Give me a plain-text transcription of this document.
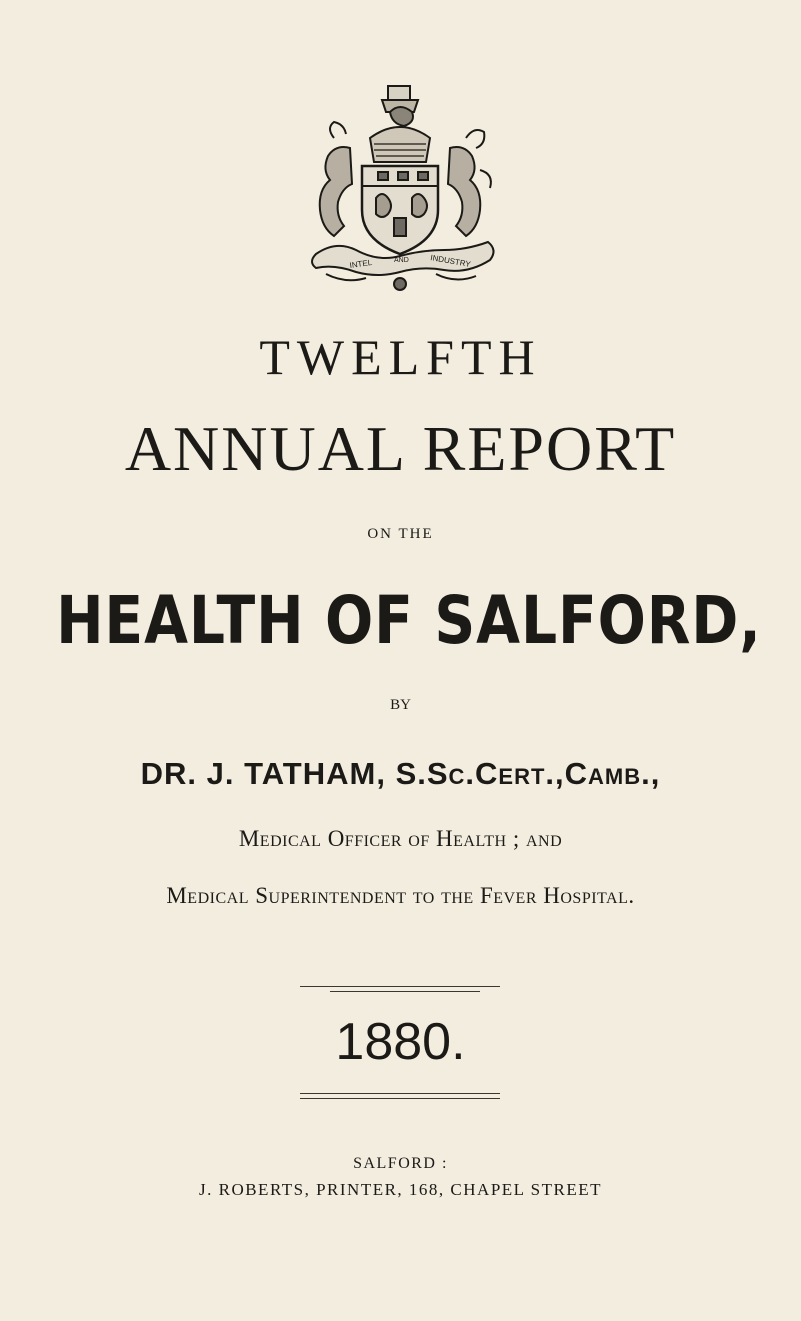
INTEL	AND	INDUSTRY
TWELFTH
ANNUAL REPORT
ON THE
HEALTH OF SALFORD,
BY
DR. J. TATHAM, S.Sc.Cert.,Camb.,
Medical Officer of Health ; and
Medical Superintendent to the Fever Hospital.
1880.
SALFORD :
J. ROBERTS, PRINTER, 168, CHAPEL STREET
